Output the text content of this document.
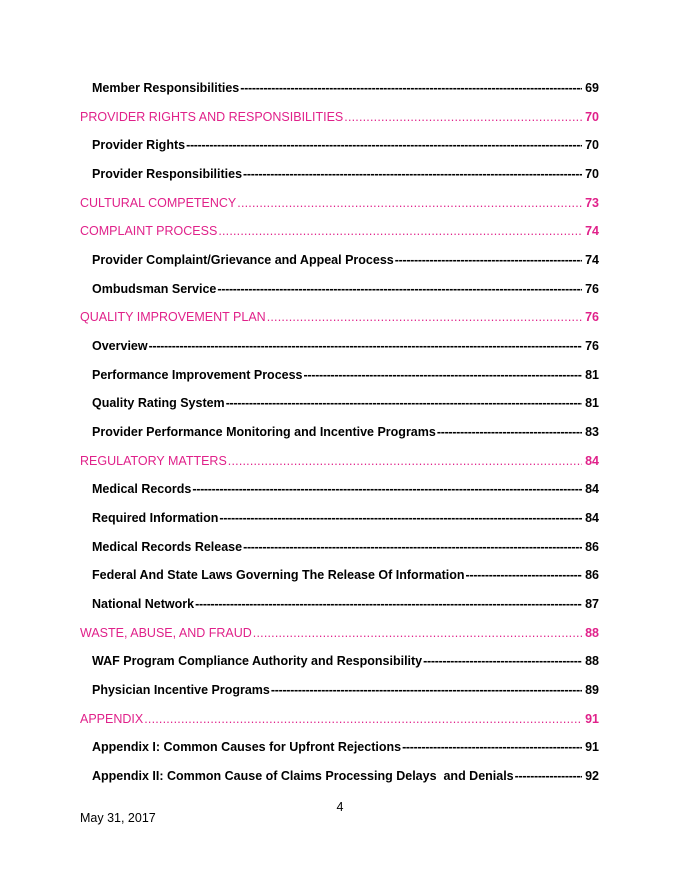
Member Responsibilities -----	69
PROVIDER RIGHTS AND RESPONSIBILITIES .....	70
Provider Rights -----	70
Provider Responsibilities -----	70
CULTURAL COMPETENCY .....	73
COMPLAINT PROCESS .....	74
Provider Complaint/Grievance and Appeal Process -----	74
Ombudsman Service -----	76
QUALITY IMPROVEMENT PLAN .....	76
Overview -----	76
Performance Improvement Process -----	81
Quality Rating System -----	81
Provider Performance Monitoring and Incentive Programs -----	83
REGULATORY MATTERS .....	84
Medical Records -----	84
Required Information -----	84
Medical Records Release -----	86
Federal And State Laws Governing The Release Of Information -----	86
National Network -----	87
WASTE, ABUSE, AND FRAUD .....	88
WAF Program Compliance Authority and Responsibility -----	88
Physician Incentive Programs -----	89
APPENDIX .....	91
Appendix I: Common Causes for Upfront Rejections -----	91
Appendix II: Common Cause of Claims Processing Delays  and Denials -----	92
4
May 31, 2017
